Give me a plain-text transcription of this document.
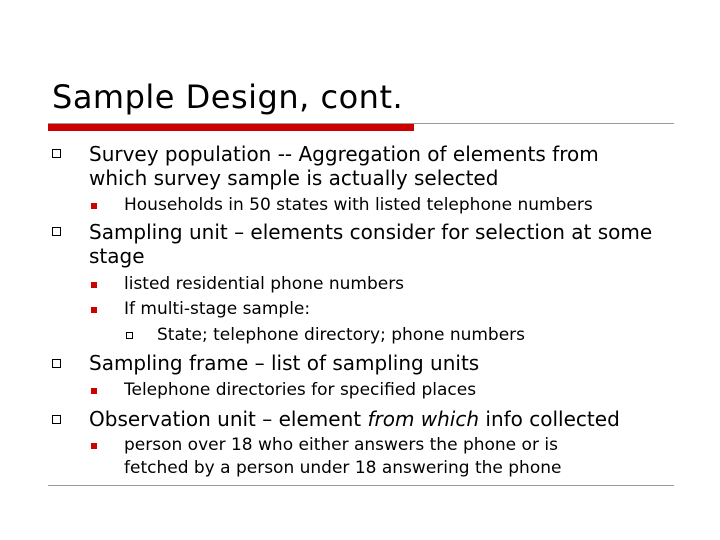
Sample Design, cont.
Survey population -- Aggregation of elements from
which survey sample is actually selected
Households in 50 states with listed telephone numbers
Sampling unit – elements consider for selection at some
stage
listed residential phone numbers
If multi-stage sample:
State; telephone directory; phone numbers
Sampling frame – list of sampling units
Telephone directories for specified places
Observation unit – element from which info collected
person over 18 who either answers the phone or is
fetched by a person under 18 answering the phone
